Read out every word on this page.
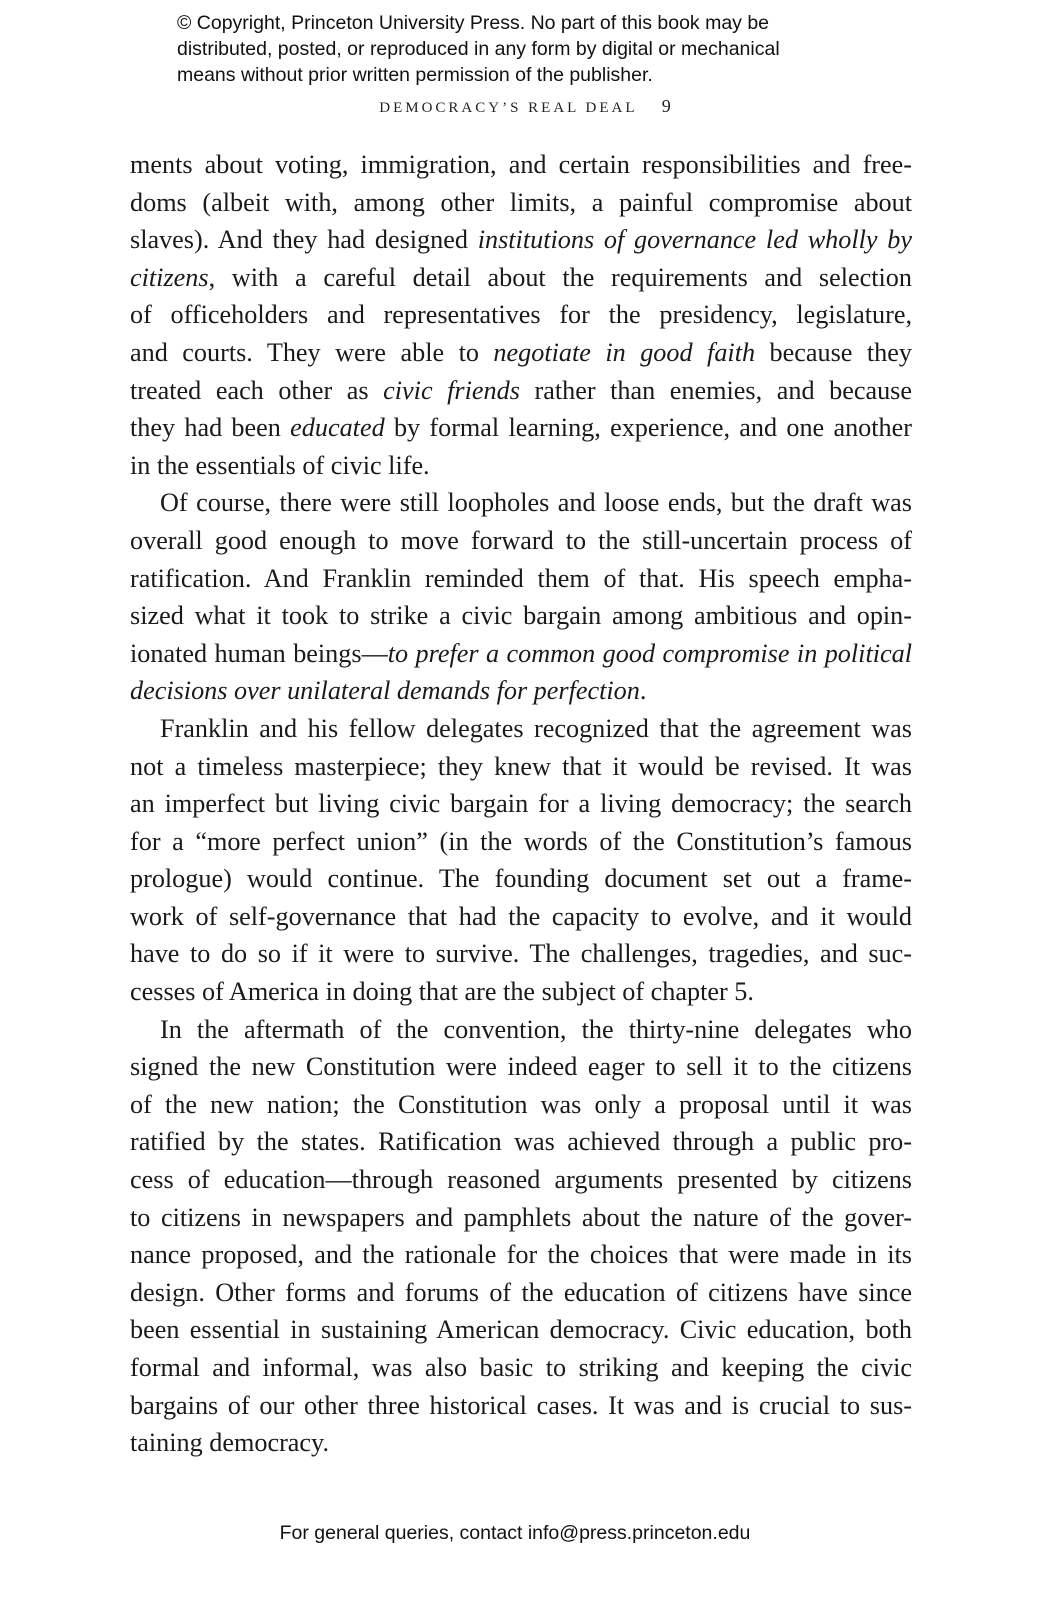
© Copyright, Princeton University Press. No part of this book may be
distributed, posted, or reproduced in any form by digital or mechanical
means without prior written permission of the publisher.
DEMOCRACY’S REAL DEAL 9
ments about voting, immigration, and certain responsibilities and free-
doms (albeit with, among other limits, a painful compromise about
slaves). And they had designed institutions of governance led wholly by
citizens, with a careful detail about the requirements and selection
of officeholders and representatives for the presidency, legislature,
and courts. They were able to negotiate in good faith because they
treated each other as civic friends rather than enemies, and because
they had been educated by formal learning, experience, and one another
in the essentials of civic life.
Of course, there were still loopholes and loose ends, but the draft was
overall good enough to move forward to the still-uncertain process of
ratification. And Franklin reminded them of that. His speech empha-
sized what it took to strike a civic bargain among ambitious and opin-
ionated human beings—to prefer a common good compromise in political
decisions over unilateral demands for perfection.
Franklin and his fellow delegates recognized that the agreement was
not a timeless masterpiece; they knew that it would be revised. It was
an imperfect but living civic bargain for a living democracy; the search
for a “more perfect union” (in the words of the Constitution’s famous
prologue) would continue. The founding document set out a frame-
work of self-governance that had the capacity to evolve, and it would
have to do so if it were to survive. The challenges, tragedies, and suc-
cesses of America in doing that are the subject of chapter 5.
In the aftermath of the convention, the thirty-nine delegates who
signed the new Constitution were indeed eager to sell it to the citizens
of the new nation; the Constitution was only a proposal until it was
ratified by the states. Ratification was achieved through a public pro-
cess of education—through reasoned arguments presented by citizens
to citizens in newspapers and pamphlets about the nature of the gover-
nance proposed, and the rationale for the choices that were made in its
design. Other forms and forums of the education of citizens have since
been essential in sustaining American democracy. Civic education, both
formal and informal, was also basic to striking and keeping the civic
bargains of our other three historical cases. It was and is crucial to sus-
taining democracy.
For general queries, contact info@press.princeton.edu
